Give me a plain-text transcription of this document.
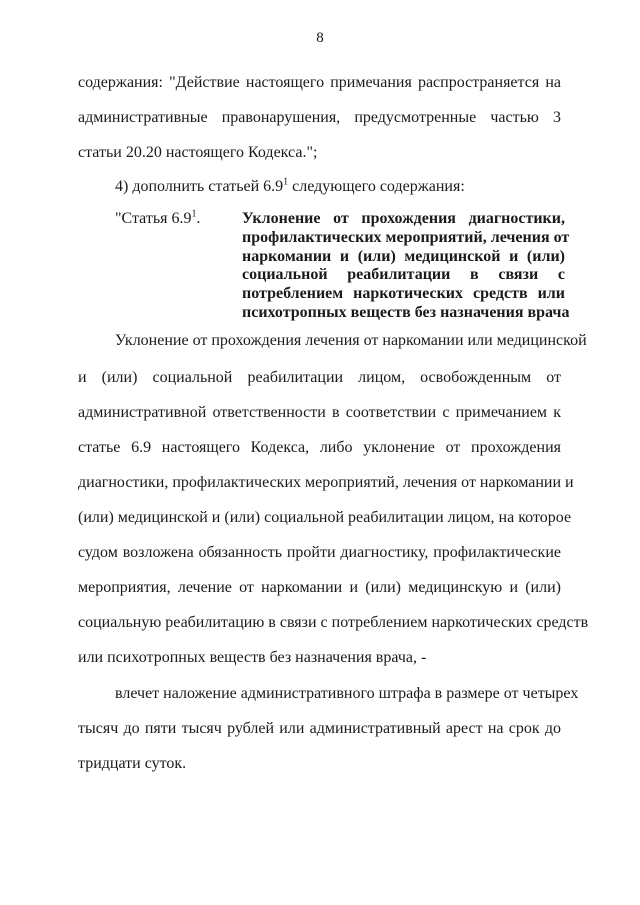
8
содержания: "Действие настоящего примечания распространяется на
административные правонарушения, предусмотренные частью 3
статьи 20.20 настоящего Кодекса.";
4) дополнить статьей $6.9^1$ следующего содержания:
"Статья $6.9^1$.	Уклонение от прохождения диагностики,
профилактических мероприятий, лечения от
наркомании и (или) медицинской и (или)
социальной реабилитации в связи с
потреблением наркотических средств или
психотропных веществ без назначения врача
Уклонение от прохождения лечения от наркомании или медицинской
и (или) социальной реабилитации лицом, освобожденным от
административной ответственности в соответствии с примечанием к
статье 6.9 настоящего Кодекса, либо уклонение от прохождения
диагностики, профилактических мероприятий, лечения от наркомании и
(или) медицинской и (или) социальной реабилитации лицом, на которое
судом возложена обязанность пройти диагностику, профилактические
мероприятия, лечение от наркомании и (или) медицинскую и (или)
социальную реабилитацию в связи с потреблением наркотических средств
или психотропных веществ без назначения врача, -
влечет наложение административного штрафа в размере от четырех
тысяч до пяти тысяч рублей или административный арест на срок до
тридцати суток.
